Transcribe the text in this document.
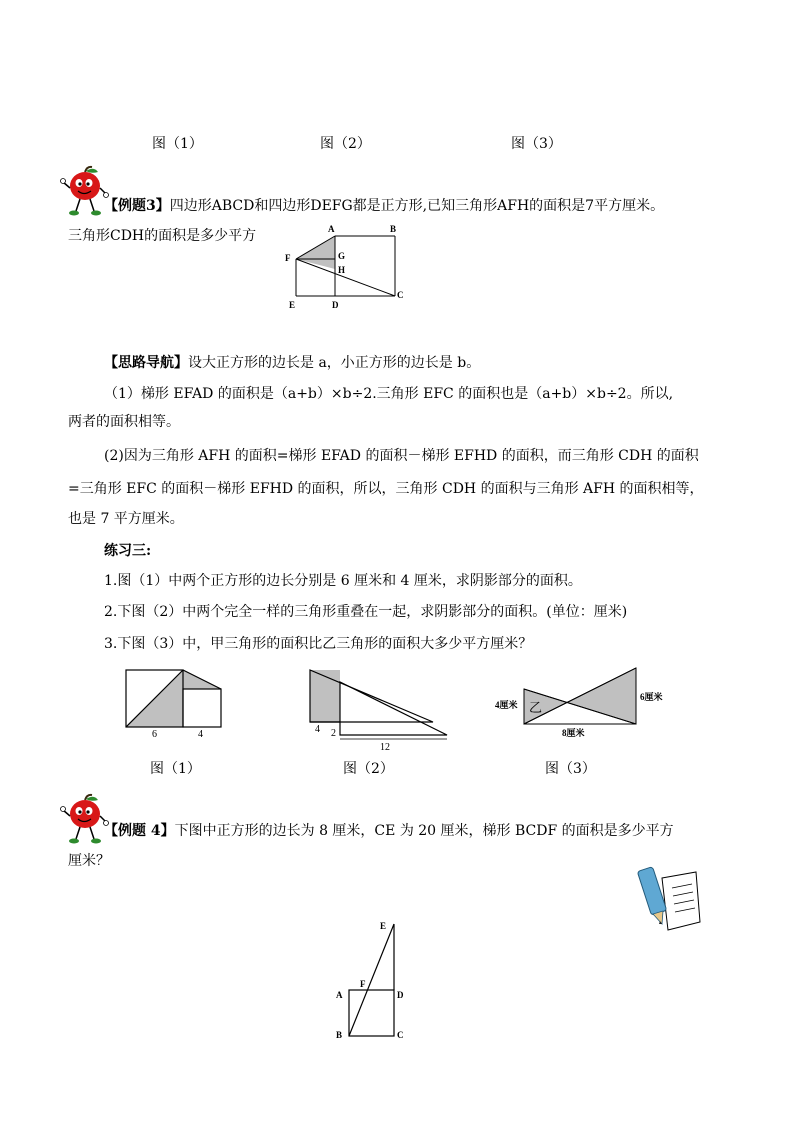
图（1）	图（2）	图（3）
【例题3】四边形ABCD和四边形DEFG都是正方形,已知三角形AFH的面积是7平方厘米。
三角形CDH的面积是多少平方	A	B
C
D
E
F	G
H
【思路导航】设大正方形的边长是 a，小正方形的边长是 b。
（1）梯形 EFAD 的面积是（a+b）×b÷2.三角形 EFC 的面积也是（a+b）×b÷2。所以,
两者的面积相等。
(2)因为三角形 AFH 的面积=梯形 EFAD 的面积－梯形 EFHD 的面积，而三角形 CDH 的面积
=三角形 EFC 的面积－梯形 EFHD 的面积，所以，三角形 CDH 的面积与三角形 AFH 的面积相等，
也是 7 平方厘米。
练习三:
1.图（1）中两个正方形的边长分别是 6 厘米和 4 厘米，求阴影部分的面积。
2.下图（2）中两个完全一样的三角形重叠在一起，求阴影部分的面积。(单位：厘米)
3.下图（3）中，甲三角形的面积比乙三角形的面积大多少平方厘米？
6	4	4 2
12
4厘米
6厘米
8厘米
乙
图（1）	图（2）	图（3）
【例题 4】下图中正方形的边长为 8 厘米，CE 为 20 厘米，梯形 BCDF 的面积是多少平方
厘米？
E
F
A	D
B	C
